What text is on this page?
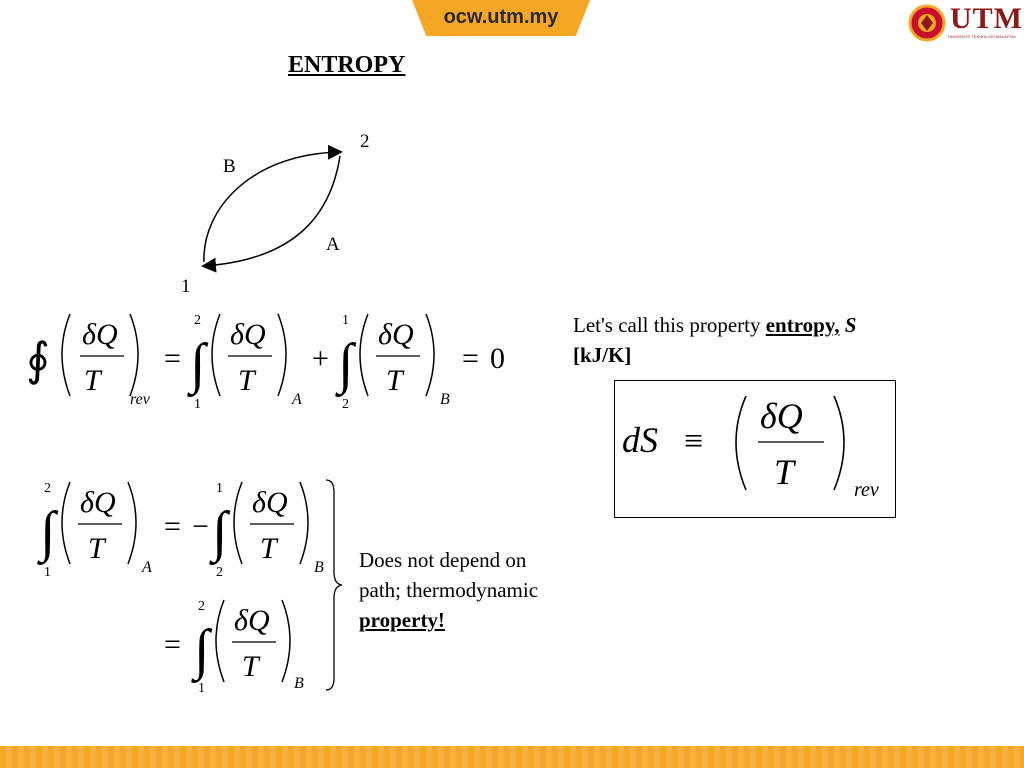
ocw.utm.my	UTM
UNIVERSITI TEKNOLOGI MALAYSIA
ENTROPY
2
B
A
1
∮ δQ
T
rev
=
2
∫
1
δQ
T
A
+
1
∫
2
δQ
T
B
= 0
Let's call this property entropy, S
[kJ/K]
dS ≡
δQ
T	rev
2
∫
1
δQ
T
A
= −
1
∫
2
δQ
T
B
=
2
∫
1
δQ
T
B
Does not depend on
path; thermodynamic
property!
